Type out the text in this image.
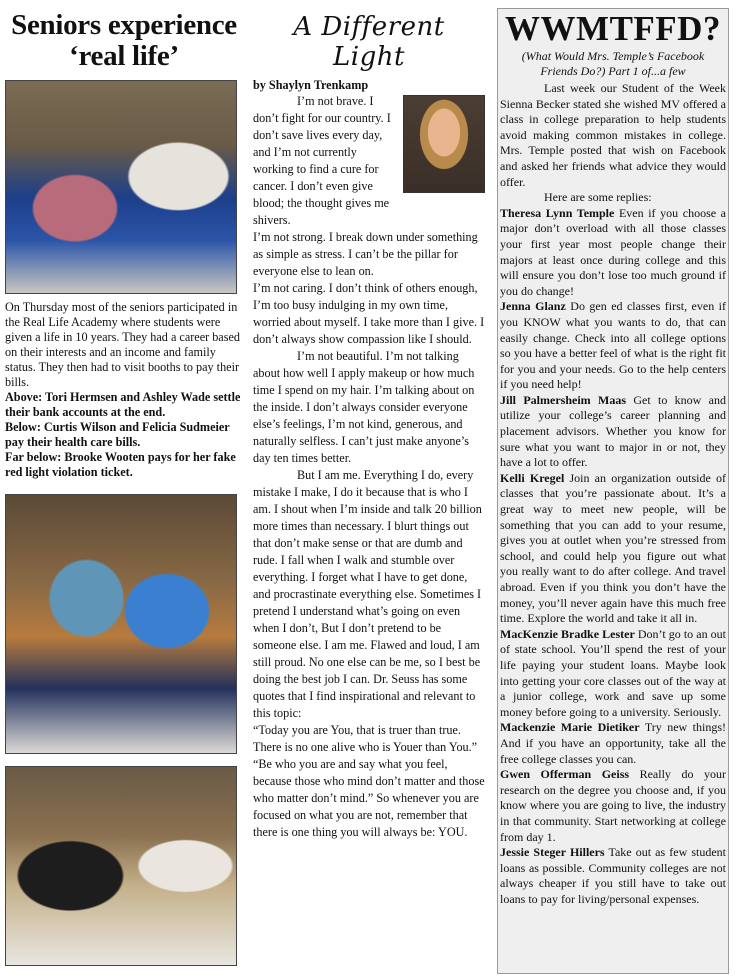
Seniors experience ‘real life’
On Thursday most of the seniors participated in the Real Life Academy where students were given a life in 10 years. They had a career based on their interests and an income and family status. They then had to visit booths to pay their bills.
Above: Tori Hermsen and Ashley Wade settle their bank accounts at the end.
Below: Curtis Wilson and Felicia Sudmeier pay their health care bills.
Far below: Brooke Wooten pays for her fake red light violation ticket.
A Different Light
by Shaylyn Trenkamp

I’m not brave. I don’t fight for our country. I don’t save lives every day, and I’m not currently working to find a cure for cancer. I don’t even give blood; the thought gives me shivers.

I’m not strong. I break down under something as simple as stress. I can’t be the pillar for everyone else to lean on.

I’m not caring. I don’t think of others enough, I’m too busy indulging in my own time, worried about myself. I take more than I give. I don’t always show compassion like I should.

I’m not beautiful. I’m not talking about how well I apply makeup or how much time I spend on my hair. I’m talking about on the inside. I don’t always consider everyone else’s feelings, I’m not kind, generous, and naturally selfless. I can’t just make anyone’s day ten times better.

But I am me. Everything I do, every mistake I make, I do it because that is who I am. I shout when I’m inside and talk 20 billion more times than necessary. I blurt things out that don’t make sense or that are dumb and rude. I fall when I walk and stumble over everything. I forget what I have to get done, and procrastinate everything else. Sometimes I pretend I understand what’s going on even when I don’t, But I don’t pretend to be someone else. I am me. Flawed and loud, I am still proud. No one else can be me, so I best be doing the best job I can. Dr. Seuss has some quotes that I find inspirational and relevant to this topic:

“Today you are You, that is truer than true. There is no one alive who is Youer than You.”

“Be who you are and say what you feel, because those who mind don’t matter and those who matter don’t mind.” So whenever you are focused on what you are not, remember that there is one thing you will always be: YOU.

WWMTFFD?
(What Would Mrs. Temple’s Facebook Friends Do?) Part 1 of...a few

Last week our Student of the Week Sienna Becker stated she wished MV offered a class in college preparation to help students avoid making common mistakes in college. Mrs. Temple posted that wish on Facebook and asked her friends what advice they would offer.

Here are some replies:

Theresa Lynn Temple Even if you choose a major don’t overload with all those classes your first year most people change their majors at least once during college and this will ensure you don’t lose too much ground if you do change!

Jenna Glanz Do gen ed classes first, even if you KNOW what you wants to do, that can easily change. Check into all college options so you have a better feel of what is the right fit for you and your needs. Go to the help centers if you need help!

Jill Palmersheim Maas Get to know and utilize your college’s career planning and placement advisors. Whether you know for sure what you want to major in or not, they have a lot to offer.

Kelli Kregel Join an organization outside of classes that you’re passionate about. It’s a great way to meet new people, will be something that you can add to your resume, gives you at outlet when you’re stressed from school, and could help you figure out what you really want to do after college. And travel abroad. Even if you think you don’t have the money, you’ll never again have this much free time. Explore the world and take it all in.

MacKenzie Bradke Lester Don’t go to an out of state school. You’ll spend the rest of your life paying your student loans. Maybe look into getting your core classes out of the way at a junior college, work and save up some money before going to a university. Seriously.

Mackenzie Marie Dietiker Try new things! And if you have an opportunity, take all the free college classes you can.

Gwen Offerman Geiss Really do your research on the degree you choose and, if you know where you are going to live, the industry in that community. Start networking at college from day 1.

Jessie Steger Hillers Take out as few student loans as possible. Community colleges are not always cheaper if you still have to take out loans to pay for living/personal expenses.
